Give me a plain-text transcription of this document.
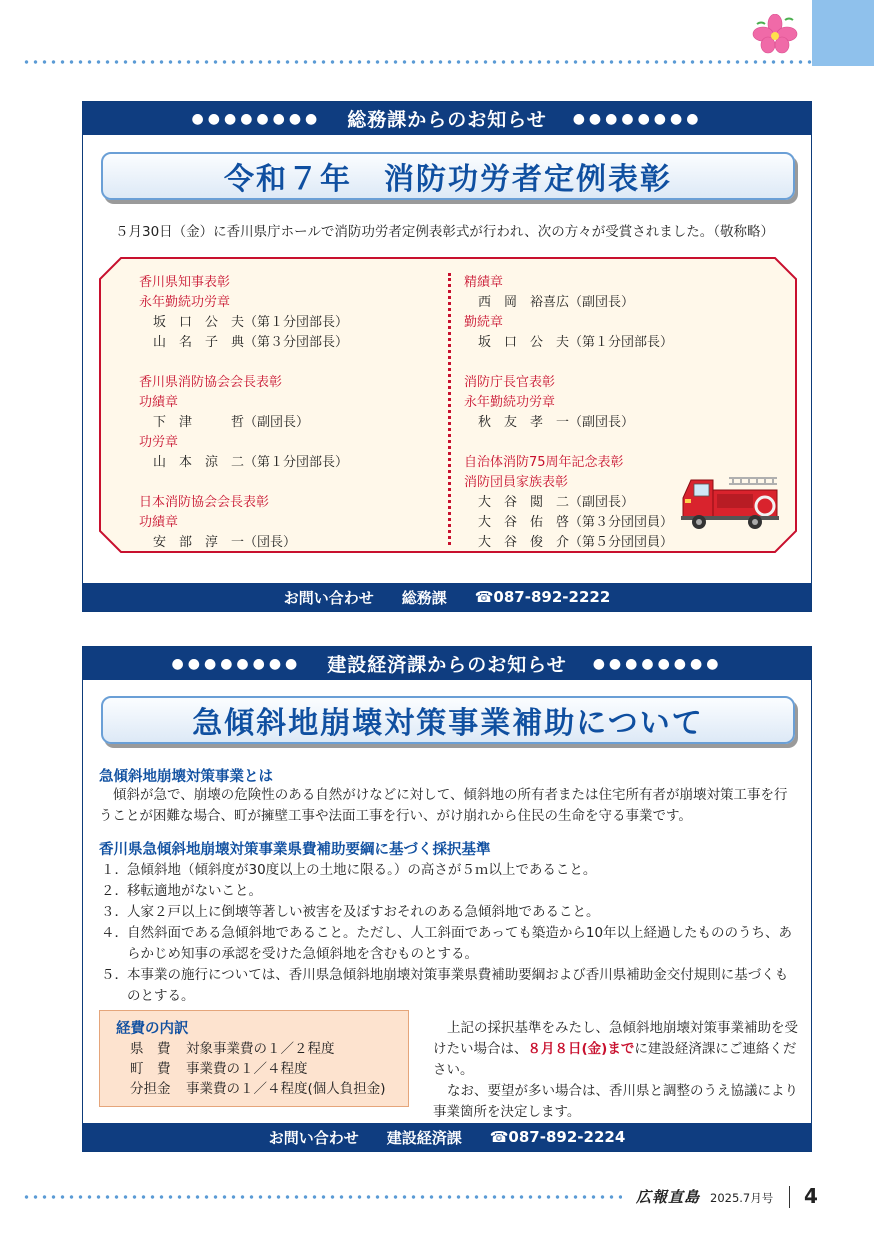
●●●●●●●● 総務課からのお知らせ ●●●●●●●●
令和７年　消防功労者定例表彰
５月30日（金）に香川県庁ホールで消防功労者定例表彰式が行われ、次の方々が受賞されました。（敬称略）
香川県知事表彰
永年勤続功労章
坂　口　公　夫（第１分団部長）
山　名　子　典（第３分団部長）
香川県消防協会会長表彰
功績章
下　津　　　哲（副団長）
功労章
山　本　涼　二（第１分団部長）
日本消防協会会長表彰
功績章
安　部　淳　一（団長）
精績章
西　岡　裕喜広（副団長）
勤続章
坂　口　公　夫（第１分団部長）
消防庁長官表彰
永年勤続功労章
秋　友　孝　一（副団長）
自治体消防75周年記念表彰
消防団員家族表彰
大　谷　閲　二（副団長）
大　谷　佑　啓（第３分団団員）
大　谷　俊　介（第５分団団員）
お問い合わせ 総務課 ☎087-892-2222
●●●●●●●● 建設経済課からのお知らせ ●●●●●●●●
急傾斜地崩壊対策事業補助について
急傾斜地崩壊対策事業とは
傾斜が急で、崩壊の危険性のある自然がけなどに対して、傾斜地の所有者または住宅所有者が崩壊対策工事を行うことが困難な場合、町が擁壁工事や法面工事を行い、がけ崩れから住民の生命を守る事業です。
香川県急傾斜地崩壊対策事業県費補助要綱に基づく採択基準
１． 急傾斜地（傾斜度が30度以上の土地に限る。）の高さが５ｍ以上であること。
２． 移転適地がないこと。
３． 人家２戸以上に倒壊等著しい被害を及ぼすおそれのある急傾斜地であること。
４． 自然斜面である急傾斜地であること。ただし、人工斜面であっても築造から10年以上経過したもののうち、あらかじめ知事の承認を受けた急傾斜地を含むものとする。
５． 本事業の施行については、香川県急傾斜地崩壊対策事業県費補助要綱および香川県補助金交付規則に基づくものとする。
経費の内訳
県　費	対象事業費の１／２程度
町　費	事業費の１／４程度
分担金	事業費の１／４程度(個人負担金)

上記の採択基準をみたし、急傾斜地崩壊対策事業補助を受けたい場合は、８月８日(金)までに建設経済課にご連絡ください。

なお、要望が多い場合は、香川県と調整のうえ協議により事業箇所を決定します。

お問い合わせ 建設経済課 ☎087-892-2224
広報直島 2025.7月号 4
